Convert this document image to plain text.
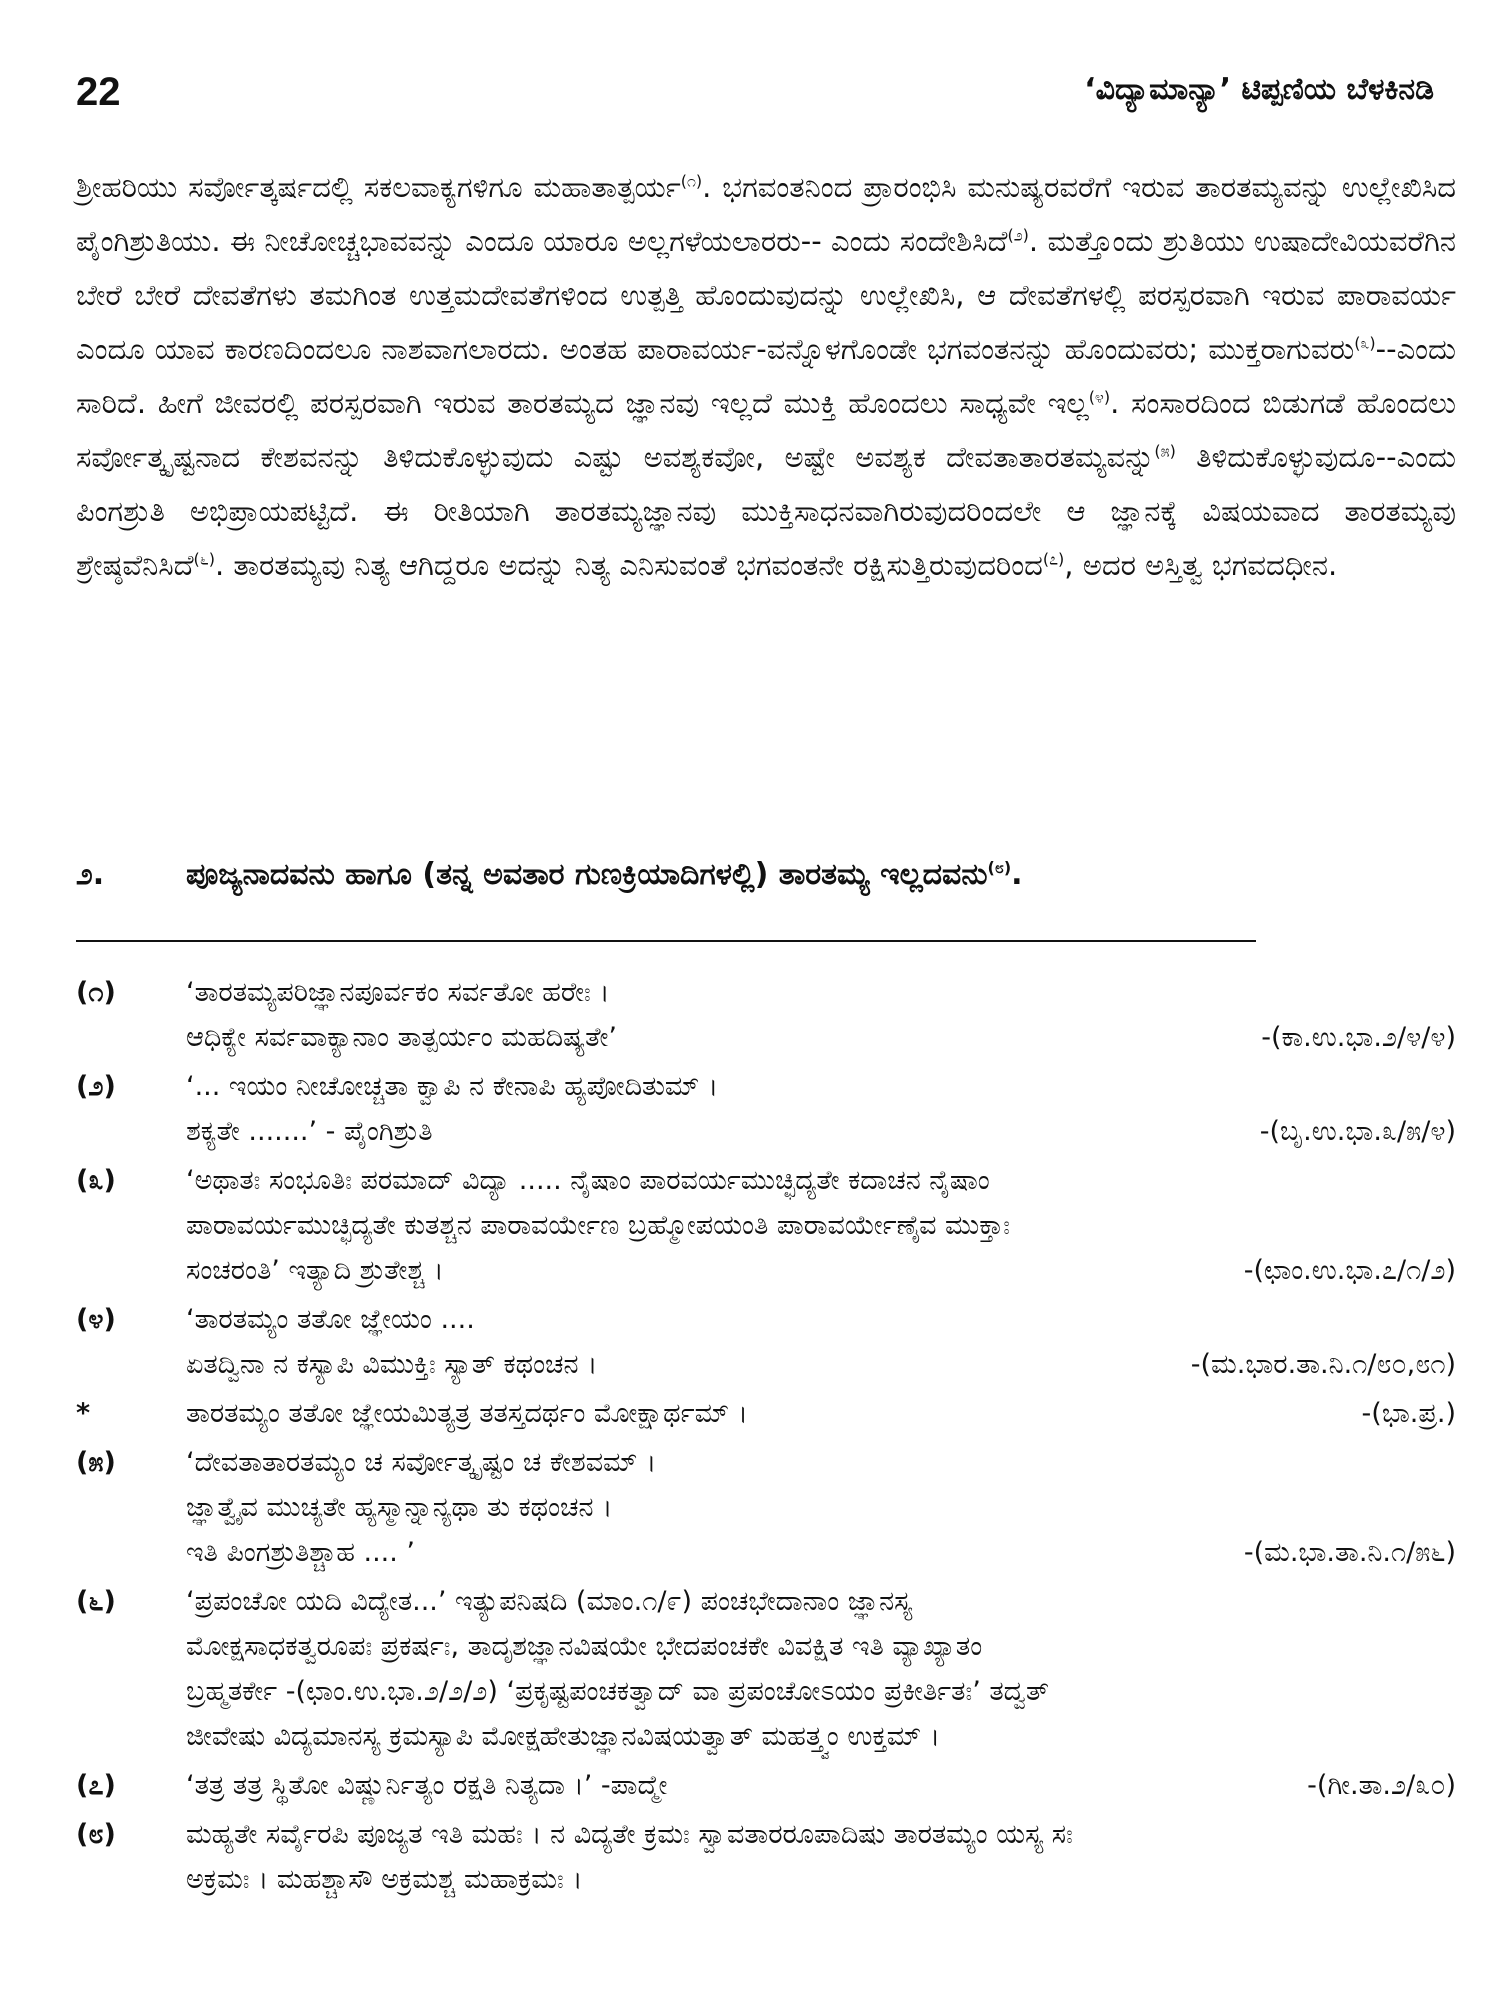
22	‘ವಿದ್ಯಾಮಾನ್ಯಾ’ ಟಿಪ್ಪಣಿಯ ಬೆಳಕಿನಡಿ

ಶ್ರೀಹರಿಯು ಸರ್ವೋತ್ಕರ್ಷದಲ್ಲಿ ಸಕಲವಾಕ್ಯಗಳಿಗೂ ಮಹಾತಾತ್ಪರ್ಯ$^{(೧)}$. ಭಗವಂತನಿಂದ ಪ್ರಾರಂಭಿಸಿ ಮನುಷ್ಯರವರೆಗೆ ಇರುವ ತಾರತಮ್ಯವನ್ನು ಉಲ್ಲೇಖಿಸಿದ ಪೈಂಗಿಶ್ರುತಿಯು. ಈ ನೀಚೋಚ್ಚಭಾವವನ್ನು ಎಂದೂ ಯಾರೂ ಅಲ್ಲಗಳೆಯಲಾರರು-- ಎಂದು ಸಂದೇಶಿಸಿದೆ$^{(೨)}$. ಮತ್ತೊಂದು ಶ್ರುತಿಯು ಉಷಾದೇವಿಯವರೆಗಿನ ಬೇರೆ ಬೇರೆ ದೇವತೆಗಳು ತಮಗಿಂತ ಉತ್ತಮದೇವತೆಗಳಿಂದ ಉತ್ಪತ್ತಿ ಹೊಂದುವುದನ್ನು ಉಲ್ಲೇಖಿಸಿ, ಆ ದೇವತೆಗಳಲ್ಲಿ ಪರಸ್ಪರವಾಗಿ ಇರುವ ಪಾರಾವರ್ಯ ಎಂದೂ ಯಾವ ಕಾರಣದಿಂದಲೂ ನಾಶವಾಗಲಾರದು. ಅಂತಹ ಪಾರಾವರ್ಯ-ವನ್ನೊಳಗೊಂಡೇ ಭಗವಂತನನ್ನು ಹೊಂದುವರು; ಮುಕ್ತರಾಗುವರು$^{(೩)}$--ಎಂದು ಸಾರಿದೆ. ಹೀಗೆ ಜೀವರಲ್ಲಿ ಪರಸ್ಪರವಾಗಿ ಇರುವ ತಾರತಮ್ಯದ ಜ್ಞಾನವು ಇಲ್ಲದೆ ಮುಕ್ತಿ ಹೊಂದಲು ಸಾಧ್ಯವೇ ಇಲ್ಲ$^{(೪)}$. ಸಂಸಾರದಿಂದ ಬಿಡುಗಡೆ ಹೊಂದಲು ಸರ್ವೋತ್ಕೃಷ್ಟನಾದ ಕೇಶವನನ್ನು ತಿಳಿದುಕೊಳ್ಳುವುದು ಎಷ್ಟು ಅವಶ್ಯಕವೋ, ಅಷ್ಟೇ ಅವಶ್ಯಕ ದೇವತಾತಾರತಮ್ಯವನ್ನು$^{(೫)}$ ತಿಳಿದುಕೊಳ್ಳುವುದೂ--ಎಂದು ಪಿಂಗಶ್ರುತಿ ಅಭಿಪ್ರಾಯಪಟ್ಟಿದೆ. ಈ ರೀತಿಯಾಗಿ ತಾರತಮ್ಯಜ್ಞಾನವು ಮುಕ್ತಿಸಾಧನವಾಗಿರುವುದರಿಂದಲೇ ಆ ಜ್ಞಾನಕ್ಕೆ ವಿಷಯವಾದ ತಾರತಮ್ಯವು ಶ್ರೇಷ್ಠವೆನಿಸಿದೆ$^{(೬)}$. ತಾರತಮ್ಯವು ನಿತ್ಯ ಆಗಿದ್ದರೂ ಅದನ್ನು ನಿತ್ಯ ಎನಿಸುವಂತೆ ಭಗವಂತನೇ ರಕ್ಷಿಸುತ್ತಿರುವುದರಿಂದ$^{(೭)}$, ಅದರ ಅಸ್ತಿತ್ವ ಭಗವದಧೀನ.

೨.	ಪೂಜ್ಯನಾದವನು ಹಾಗೂ (ತನ್ನ ಅವತಾರ ಗುಣಕ್ರಿಯಾದಿಗಳಲ್ಲಿ) ತಾರತಮ್ಯ ಇಲ್ಲದವನು$^{(೮)}$.
(೧)	‘ತಾರತಮ್ಯಪರಿಜ್ಞಾನಪೂರ್ವಕಂ ಸರ್ವತೋ ಹರೇಃ ।
ಆಧಿಕ್ಯೇ ಸರ್ವವಾಕ್ಯಾನಾಂ ತಾತ್ಪರ್ಯಂ ಮಹದಿಷ್ಯತೇ’	-(ಕಾ.ಉ.ಭಾ.೨/೪/೪)
(೨)	‘... ಇಯಂ ನೀಚೋಚ್ಚತಾ ಕ್ವಾಪಿ ನ ಕೇನಾಪಿ ಹ್ಯಪೋದಿತುಮ್ ।
ಶಕ್ಯತೇ .......’ - ಪೈಂಗಿಶ್ರುತಿ	-(ಬೃ.ಉ.ಭಾ.೩/೫/೪)
(೩)	‘ಅಥಾತಃ ಸಂಭೂತಿಃ ಪರಮಾದ್ ವಿದ್ಯಾ ..... ನೈಷಾಂ ಪಾರವರ್ಯಮುಚ್ಛಿದ್ಯತೇ ಕದಾಚನ ನೈಷಾಂ
ಪಾರಾವರ್ಯಮುಚ್ಛಿದ್ಯತೇ ಕುತಶ್ಚನ ಪಾರಾವರ್ಯೇಣ ಬ್ರಹ್ಮೋಪಯಂತಿ ಪಾರಾವರ್ಯೇಣೈವ ಮುಕ್ತಾಃ
ಸಂಚರಂತಿ’ ಇತ್ಯಾದಿ ಶ್ರುತೇಶ್ಚ ।	-(ಛಾಂ.ಉ.ಭಾ.೭/೧/೨)
(೪)	‘ತಾರತಮ್ಯಂ ತತೋ ಜ್ಞೇಯಂ ....
ಏತದ್ವಿನಾ ನ ಕಸ್ಯಾಪಿ ವಿಮುಕ್ತಿಃ ಸ್ಯಾತ್ ಕಥಂಚನ ।	-(ಮ.ಭಾರ.ತಾ.ನಿ.೧/೮೦,೮೧)
*	ತಾರತಮ್ಯಂ ತತೋ ಜ್ಞೇಯಮಿತ್ಯತ್ರ ತತಸ್ತದರ್ಥಂ ಮೋಕ್ಷಾರ್ಥಮ್ ।	-(ಭಾ.ಪ್ರ.)
(೫)	‘ದೇವತಾತಾರತಮ್ಯಂ ಚ ಸರ್ವೋತ್ಕೃಷ್ಟಂ ಚ ಕೇಶವಮ್ ।
ಜ್ಞಾತ್ವೈವ ಮುಚ್ಯತೇ ಹ್ಯಸ್ಮಾನ್ನಾನ್ಯಥಾ ತು ಕಥಂಚನ ।
ಇತಿ ಪಿಂಗಶ್ರುತಿಶ್ಚಾಹ .... ’	-(ಮ.ಭಾ.ತಾ.ನಿ.೧/೫೬)
(೬)	‘ಪ್ರಪಂಚೋ ಯದಿ ವಿದ್ಯೇತ...’ ಇತ್ಯುಪನಿಷದಿ (ಮಾಂ.೧/೯) ಪಂಚಭೇದಾನಾಂ ಜ್ಞಾನಸ್ಯ
ಮೋಕ್ಷಸಾಧಕತ್ವರೂಪಃ ಪ್ರಕರ್ಷಃ, ತಾದೃಶಜ್ಞಾನವಿಷಯೇ ಭೇದಪಂಚಕೇ ವಿವಕ್ಷಿತ ಇತಿ ವ್ಯಾಖ್ಯಾತಂ
ಬ್ರಹ್ಮತರ್ಕೇ -(ಛಾಂ.ಉ.ಭಾ.೨/೨/೨) ‘ಪ್ರಕೃಷ್ಟಪಂಚಕತ್ವಾದ್ ವಾ ಪ್ರಪಂಚೋಽಯಂ ಪ್ರಕೀರ್ತಿತಃ’ ತದ್ವತ್
ಜೀವೇಷು ವಿದ್ಯಮಾನಸ್ಯ ಕ್ರಮಸ್ಯಾಪಿ ಮೋಕ್ಷಹೇತುಜ್ಞಾನವಿಷಯತ್ವಾತ್ ಮಹತ್ತ್ವಂ ಉಕ್ತಮ್ ।
(೭)	‘ತತ್ರ ತತ್ರ ಸ್ಥಿತೋ ವಿಷ್ಣುರ್ನಿತ್ಯಂ ರಕ್ಷತಿ ನಿತ್ಯದಾ ।’ -ಪಾದ್ಮೇ	-(ಗೀ.ತಾ.೨/೩೦)
(೮)	ಮಹ್ಯತೇ ಸರ್ವೈರಪಿ ಪೂಜ್ಯತ ಇತಿ ಮಹಃ । ನ ವಿದ್ಯತೇ ಕ್ರಮಃ ಸ್ವಾವತಾರರೂಪಾದಿಷು ತಾರತಮ್ಯಂ ಯಸ್ಯ ಸಃ
ಅಕ್ರಮಃ । ಮಹಶ್ಚಾಸೌ ಅಕ್ರಮಶ್ಚ ಮಹಾಕ್ರಮಃ ।
